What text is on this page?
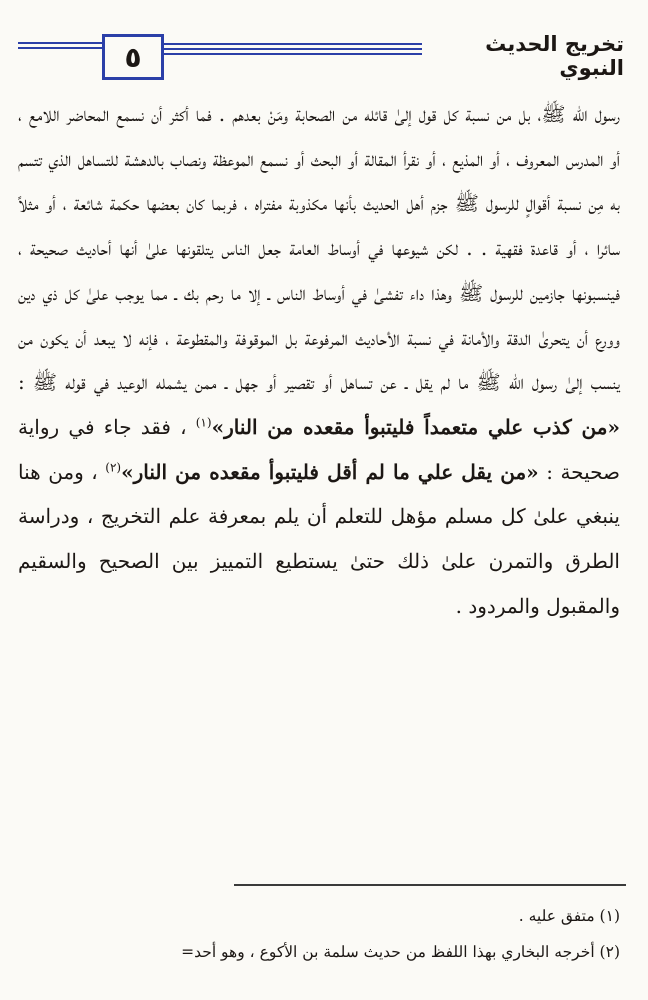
٥	تخريج الحديث النبوي

رسول الله ﷺ، بل من نسبة كل قول إلىٰ قائله من الصحابة ومَنْ بعدهم . فما أكثر أن نسمع المحاضر اللامع ، أو المدرس المعروف ، أو المذيع ، أو نقرأ المقالة أو البحث أو نسمع الموعظة ونصاب بالدهشة للتساهل الذي تتسم به مِن نسبة أقوالٍ للرسول ﷺ جزم أهل الحديث بأنها مكذوبة مفتراه ، فربما كان بعضها حكمة شائعة ، أو مثلاً سائرا ، أو قاعدة فقهية . . لكن شيوعها في أوساط العامة جعل الناس يتلقونها علىٰ أنها أحاديث صحيحة ، فينسبونها جازمين للرسول ﷺ وهذا داء تفشىٰ في أوساط الناس ـ إلا ما رحم بك ـ مما يوجب علىٰ كل ذي دين وورع أن يتحرىٰ الدقة والأمانة في نسبة الأحاديث المرفوعة بل الموقوفة والمقطوعة ، فإنه لا يبعد أن يكون من ينسب إلىٰ رسول الله ﷺ ما لم يقل ـ عن تساهل أو تقصير أو جهل ـ ممن يشمله الوعيد في قوله ﷺ : «من كذب علي متعمداً فليتبوأ مقعده من النار»$^{(١)}$ ، فقد جاء في رواية صحيحة : «من يقل علي ما لم أقل فليتبوأ مقعده من النار»$^{(٢)}$ ، ومن هنا ينبغي علىٰ كل مسلم مؤهل للتعلم أن يلم بمعرفة علم التخريج ، ودراسة الطرق والتمرن علىٰ ذلك حتىٰ يستطيع التمييز بين الصحيح والسقيم والمقبول والمردود .

(١) متفق عليه .

(٢) أخرجه البخاري بهذا اللفظ من حديث سلمة بن الأكوع ، وهو أحد=
